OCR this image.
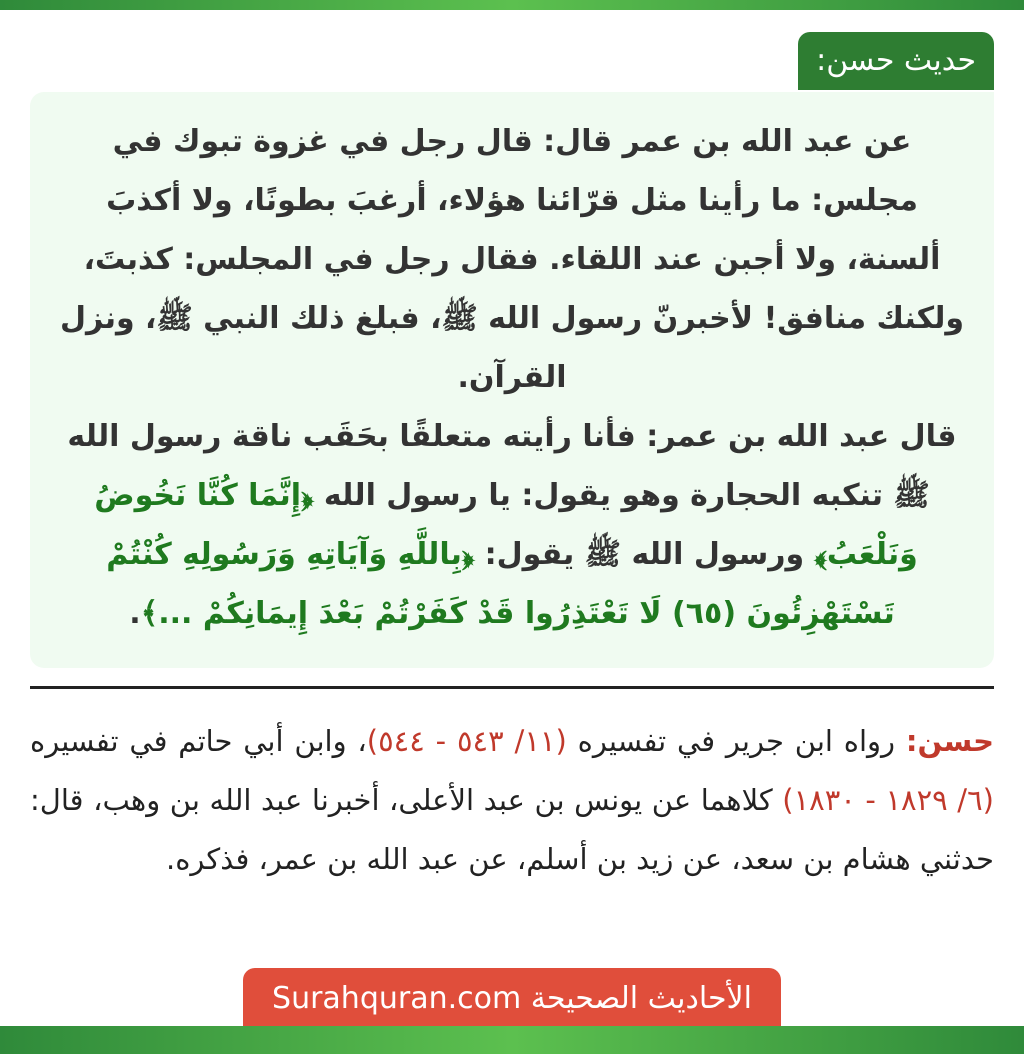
حديث حسن:

عن عبد الله بن عمر قال: قال رجل في غزوة تبوك في مجلس: ما رأينا مثل قرّائنا هؤلاء، أرغبَ بطونًا، ولا أكذبَ ألسنة، ولا أجبن عند اللقاء. فقال رجل في المجلس: كذبتَ، ولكنك منافق! لأخبرنّ رسول الله ﷺ، فبلغ ذلك النبي ﷺ، ونزل القرآن.

قال عبد الله بن عمر: فأنا رأيته متعلقًا بحَقَب ناقة رسول الله ﷺ تنكبه الحجارة وهو يقول: يا رسول الله ﴿إِنَّمَا كُنَّا نَخُوضُ وَنَلْعَبُ﴾ ورسول الله ﷺ يقول: ﴿بِاللَّهِ وَآيَاتِهِ وَرَسُولِهِ كُنْتُمْ تَسْتَهْزِئُونَ (٦٥) لَا تَعْتَذِرُوا قَدْ كَفَرْتُمْ بَعْدَ إِيمَانِكُمْ ...﴾.

حسن: رواه ابن جرير في تفسيره (١١/ ٥٤٣ - ٥٤٤)، وابن أبي حاتم في تفسيره (٦/ ١٨٢٩ - ١٨٣٠) كلاهما عن يونس بن عبد الأعلى، أخبرنا عبد الله بن وهب، قال: حدثني هشام بن سعد، عن زيد بن أسلم، عن عبد الله بن عمر، فذكره.

الأحاديث الصحيحة Surahquran.com
